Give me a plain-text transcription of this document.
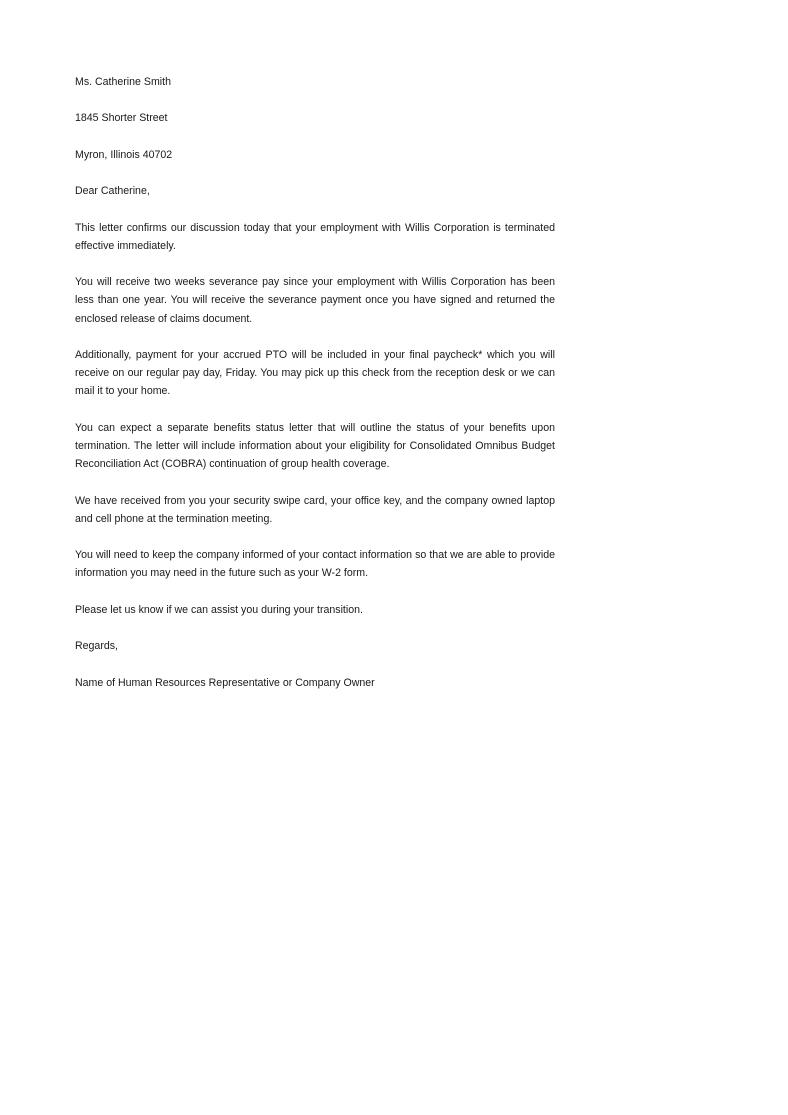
Ms. Catherine Smith

1845 Shorter Street

Myron, Illinois 40702

Dear Catherine,

This letter confirms our discussion today that your employment with Willis Corporation is terminated effective immediately.

You will receive two weeks severance pay since your employment with Willis Corporation has been less than one year. You will receive the severance payment once you have signed and returned the enclosed release of claims document.

Additionally, payment for your accrued PTO will be included in your final paycheck* which you will receive on our regular pay day, Friday. You may pick up this check from the reception desk or we can mail it to your home.

You can expect a separate benefits status letter that will outline the status of your benefits upon termination. The letter will include information about your eligibility for Consolidated Omnibus Budget Reconciliation Act (COBRA) continuation of group health coverage.

We have received from you your security swipe card, your office key, and the company owned laptop and cell phone at the termination meeting.

You will need to keep the company informed of your contact information so that we are able to provide information you may need in the future such as your W-2 form.

Please let us know if we can assist you during your transition.

Regards,

Name of Human Resources Representative or Company Owner
